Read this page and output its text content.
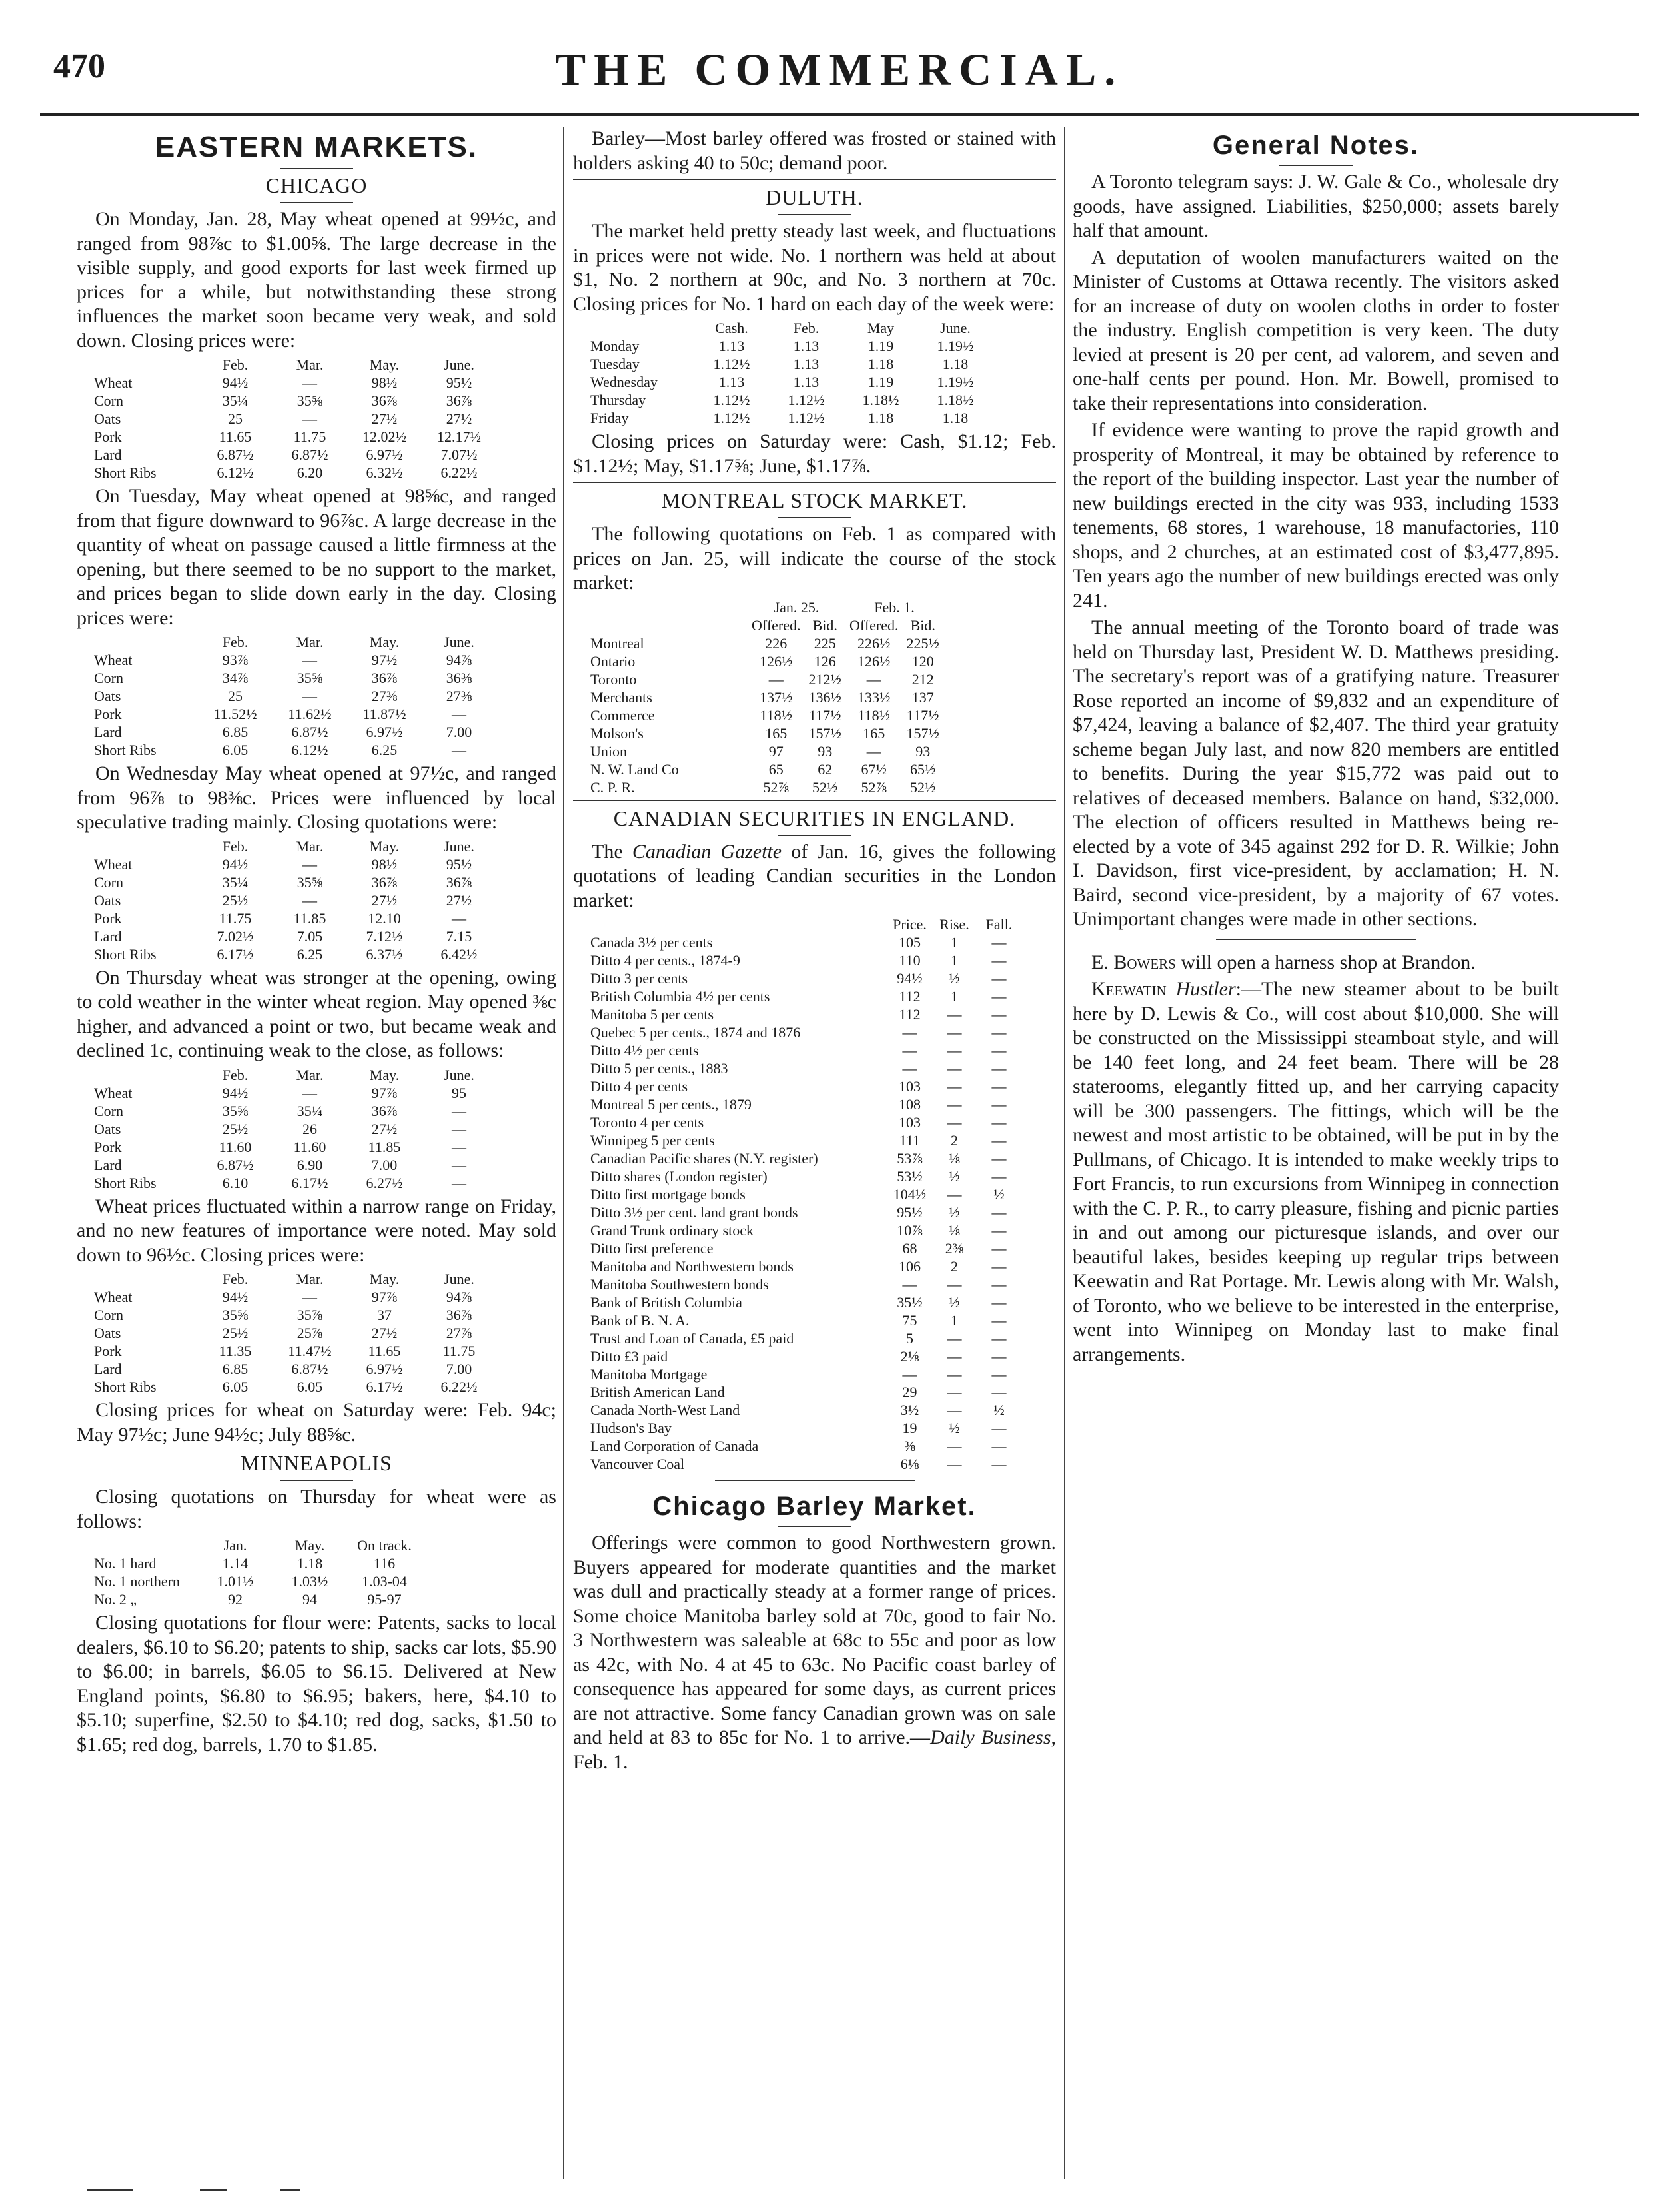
470	THE COMMERCIAL.
EASTERN MARKETS.
CHICAGO

On Monday, Jan. 28, May wheat opened at 99½c, and ranged from 98⅞c to $1.00⅝. The large decrease in the visible supply, and good exports for last week firmed up prices for a while, but notwithstanding these strong influences the market soon became very weak, and sold down. Closing prices were:

	Feb.	Mar.	May.	June.
Wheat	94½	—	98½	95½
Corn	35¼	35⅝	36⅞	36⅞
Oats	25	—	27½	27½
Pork	11.65	11.75	12.02½	12.17½
Lard	6.87½	6.87½	6.97½	7.07½
Short Ribs	6.12½	6.20	6.32½	6.22½

On Tuesday, May wheat opened at 98⅝c, and ranged from that figure downward to 96⅞c. A large decrease in the quantity of wheat on passage caused a little firmness at the opening, but there seemed to be no support to the market, and prices began to slide down early in the day. Closing prices were:

	Feb.	Mar.	May.	June.
Wheat	93⅞	—	97½	94⅞
Corn	34⅞	35⅝	36⅞	36⅜
Oats	25	—	27⅜	27⅜
Pork	11.52½	11.62½	11.87½	—
Lard	6.85	6.87½	6.97½	7.00
Short Ribs	6.05	6.12½	6.25	—

On Wednesday May wheat opened at 97½c, and ranged from 96⅞ to 98⅜c. Prices were influenced by local speculative trading mainly. Closing quotations were:

	Feb.	Mar.	May.	June.
Wheat	94½	—	98½	95½
Corn	35¼	35⅝	36⅞	36⅞
Oats	25½	—	27½	27½
Pork	11.75	11.85	12.10	—
Lard	7.02½	7.05	7.12½	7.15
Short Ribs	6.17½	6.25	6.37½	6.42½

On Thursday wheat was stronger at the opening, owing to cold weather in the winter wheat region. May opened ⅜c higher, and advanced a point or two, but became weak and declined 1c, continuing weak to the close, as follows:

	Feb.	Mar.	May.	June.
Wheat	94½	—	97⅞	95
Corn	35⅝	35¼	36⅞	—
Oats	25½	26	27½	—
Pork	11.60	11.60	11.85	—
Lard	6.87½	6.90	7.00	—
Short Ribs	6.10	6.17½	6.27½	—

Wheat prices fluctuated within a narrow range on Friday, and no new features of importance were noted. May sold down to 96½c. Closing prices were:

	Feb.	Mar.	May.	June.
Wheat	94½	—	97⅞	94⅞
Corn	35⅝	35⅞	37	36⅞
Oats	25½	25⅞	27½	27⅞
Pork	11.35	11.47½	11.65	11.75
Lard	6.85	6.87½	6.97½	7.00
Short Ribs	6.05	6.05	6.17½	6.22½

Closing prices for wheat on Saturday were: Feb. 94c; May 97½c; June 94½c; July 88⅝c.

MINNEAPOLIS

Closing quotations on Thursday for wheat were as follows:

	Jan.	May.	On track.
No. 1 hard	1.14	1.18	116
No. 1 northern	1.01½	1.03½	1.03-04
No. 2 „	92	94	95-97

Closing quotations for flour were: Patents, sacks to local dealers, $6.10 to $6.20; patents to ship, sacks car lots, $5.90 to $6.00; in barrels, $6.05 to $6.15. Delivered at New England points, $6.80 to $6.95; bakers, here, $4.10 to $5.10; superfine, $2.50 to $4.10; red dog, sacks, $1.50 to $1.65; red dog, barrels, 1.70 to $1.85.

Barley—Most barley offered was frosted or stained with holders asking 40 to 50c; demand poor.

DULUTH.

The market held pretty steady last week, and fluctuations in prices were not wide. No. 1 northern was held at about $1, No. 2 northern at 90c, and No. 3 northern at 70c. Closing prices for No. 1 hard on each day of the week were:

	Cash.	Feb.	May	June.
Monday	1.13	1.13	1.19	1.19½
Tuesday	1.12½	1.13	1.18	1.18
Wednesday	1.13	1.13	1.19	1.19½
Thursday	1.12½	1.12½	1.18½	1.18½
Friday	1.12½	1.12½	1.18	1.18

Closing prices on Saturday were: Cash, $1.12; Feb. $1.12½; May, $1.17⅝; June, $1.17⅞.

MONTREAL STOCK MARKET.

The following quotations on Feb. 1 as compared with prices on Jan. 25, will indicate the course of the stock market:

	Jan. 25.		Feb. 1.	
	Offered.	Bid.	Offered.	Bid.
Montreal	226	225	226½	225½
Ontario	126½	126	126½	120
Toronto	—	212½	—	212
Merchants	137½	136½	133½	137
Commerce	118½	117½	118½	117½
Molson's	165	157½	165	157½
Union	97	93	—	93
N. W. Land Co	65	62	67½	65½
C. P. R.	52⅞	52½	52⅞	52½
CANADIAN SECURITIES IN ENGLAND.

The Canadian Gazette of Jan. 16, gives the following quotations of leading Candian securities in the London market:

	Price.	Rise.	Fall.
Canada 3½ per cents	105	1	—
Ditto 4 per cents., 1874-9	110	1	—
Ditto 3 per cents	94½	½	—
British Columbia 4½ per cents	112	1	—
Manitoba 5 per cents	112	—	—
Quebec 5 per cents., 1874 and 1876	—	—	—
Ditto 4½ per cents	—	—	—
Ditto 5 per cents., 1883	—	—	—
Ditto 4 per cents	103	—	—
Montreal 5 per cents., 1879	108	—	—
Toronto 4 per cents	103	—	—
Winnipeg 5 per cents	111	2	—
Canadian Pacific shares (N.Y. register)	53⅞	⅛	—
Ditto shares (London register)	53½	½	—
Ditto first mortgage bonds	104½	—	½
Ditto 3½ per cent. land grant bonds	95½	½	—
Grand Trunk ordinary stock	10⅞	⅛	—
Ditto first preference	68	2⅜	—
Manitoba and Northwestern bonds	106	2	—
Manitoba Southwestern bonds	—	—	—
Bank of British Columbia	35½	½	—
Bank of B. N. A.	75	1	—
Trust and Loan of Canada, £5 paid	5	—	—
Ditto £3 paid	2⅛	—	—
Manitoba Mortgage	—	—	—
British American Land	29	—	—
Canada North-West Land	3½	—	½
Hudson's Bay	19	½	—
Land Corporation of Canada	⅜	—	—
Vancouver Coal	6⅛	—	—
Chicago Barley Market.

Offerings were common to good Northwestern grown. Buyers appeared for moderate quantities and the market was dull and practically steady at a former range of prices. Some choice Manitoba barley sold at 70c, good to fair No. 3 Northwestern was saleable at 68c to 55c and poor as low as 42c, with No. 4 at 45 to 63c. No Pacific coast barley of consequence has appeared for some days, as current prices are not attractive. Some fancy Canadian grown was on sale and held at 83 to 85c for No. 1 to arrive.—Daily Business, Feb. 1.

General Notes.

A Toronto telegram says: J. W. Gale & Co., wholesale dry goods, have assigned. Liabilities, $250,000; assets barely half that amount.

A deputation of woolen manufacturers waited on the Minister of Customs at Ottawa recently. The visitors asked for an increase of duty on woolen cloths in order to foster the industry. English competition is very keen. The duty levied at present is 20 per cent, ad valorem, and seven and one-half cents per pound. Hon. Mr. Bowell, promised to take their representations into consideration.

If evidence were wanting to prove the rapid growth and prosperity of Montreal, it may be obtained by reference to the report of the building inspector. Last year the number of new buildings erected in the city was 933, including 1533 tenements, 68 stores, 1 warehouse, 18 manufactories, 110 shops, and 2 churches, at an estimated cost of $3,477,895. Ten years ago the number of new buildings erected was only 241.

The annual meeting of the Toronto board of trade was held on Thursday last, President W. D. Matthews presiding. The secretary's report was of a gratifying nature. Treasurer Rose reported an income of $9,832 and an expenditure of $7,424, leaving a balance of $2,407. The third year gratuity scheme began July last, and now 820 members are entitled to benefits. During the year $15,772 was paid out to relatives of deceased members. Balance on hand, $32,000. The election of officers resulted in Matthews being re-elected by a vote of 345 against 292 for D. R. Wilkie; John I. Davidson, first vice-president, by acclamation; H. N. Baird, second vice-president, by a majority of 67 votes. Unimportant changes were made in other sections.

E. Bowers will open a harness shop at Brandon.

Keewatin Hustler:—The new steamer about to be built here by D. Lewis & Co., will cost about $10,000. She will be constructed on the Mississippi steamboat style, and will be 140 feet long, and 24 feet beam. There will be 28 staterooms, elegantly fitted up, and her carrying capacity will be 300 passengers. The fittings, which will be the newest and most artistic to be obtained, will be put in by the Pullmans, of Chicago. It is intended to make weekly trips to Fort Francis, to run excursions from Winnipeg in connection with the C. P. R., to carry pleasure, fishing and picnic parties in and out among our picturesque islands, and over our beautiful lakes, besides keeping up regular trips between Keewatin and Rat Portage. Mr. Lewis along with Mr. Walsh, of Toronto, who we believe to be interested in the enterprise, went into Winnipeg on Monday last to make final arrangements.
